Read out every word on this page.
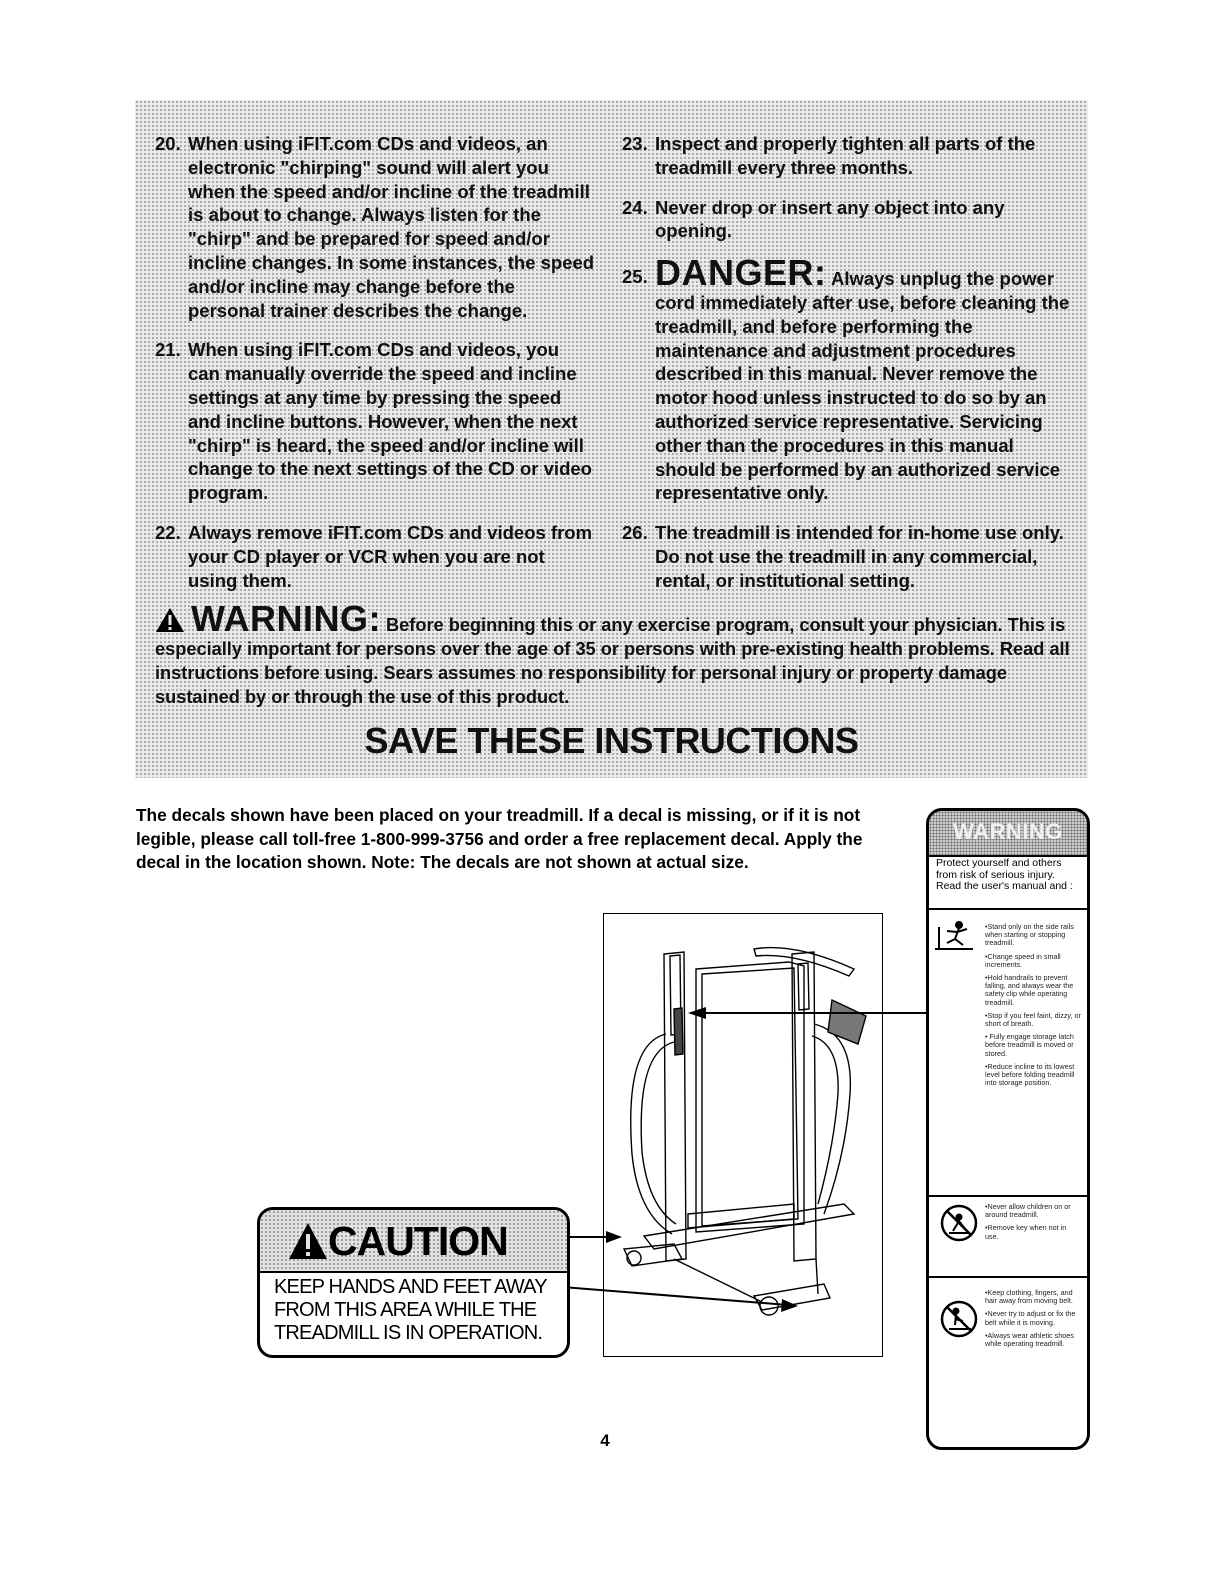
20. When using iFIT.com CDs and videos, an electronic "chirping" sound will alert you when the speed and/or incline of the treadmill is about to change. Always listen for the "chirp" and be prepared for speed and/or incline changes. In some instances, the speed and/or incline may change before the personal trainer describes the change.
21. When using iFIT.com CDs and videos, you can manually override the speed and incline settings at any time by pressing the speed and incline buttons. However, when the next "chirp" is heard, the speed and/or incline will change to the next settings of the CD or video program.
22. Always remove iFIT.com CDs and videos from your CD player or VCR when you are not using them.
23. Inspect and properly tighten all parts of the treadmill every three months.
24. Never drop or insert any object into any opening.
25. DANGER: Always unplug the power cord immediately after use, before cleaning the treadmill, and before performing the maintenance and adjustment procedures described in this manual. Never remove the motor hood unless instructed to do so by an authorized service representative. Servicing other than the procedures in this manual should be performed by an authorized service representative only.
26. The treadmill is intended for in-home use only. Do not use the treadmill in any commercial, rental, or institutional setting.
WARNING: Before beginning this or any exercise program, consult your physician. This is especially important for persons over the age of 35 or persons with pre-existing health problems. Read all instructions before using. Sears assumes no responsibility for personal injury or property damage sustained by or through the use of this product.
SAVE THESE INSTRUCTIONS
The decals shown have been placed on your treadmill. If a decal is missing, or if it is not legible, please call toll-free 1-800-999-3756 and order a free replacement decal. Apply the decal in the location shown. Note: The decals are not shown at actual size.
CAUTION
KEEP HANDS AND FEET AWAY FROM THIS AREA WHILE THE TREADMILL IS IN OPERATION.
WARNING
Protect yourself and others from risk of serious injury. Read the user's manual and :
•Stand only on the side rails when starting or stopping treadmill.
•Change speed in small increments.
•Hold handrails to prevent falling, and always wear the safety clip while operating treadmill.
•Stop if you feel faint, dizzy, or short of breath.
• Fully engage storage latch before treadmill is moved or stored.
•Reduce incline to its lowest level before folding treadmill into storage position.
•Never allow children on or around treadmill.
•Remove key when not in use.
•Keep clothing, fingers, and hair away from moving belt.
•Never try to adjust or fix the belt while it is moving.
•Always wear athletic shoes while operating treadmill.
4
